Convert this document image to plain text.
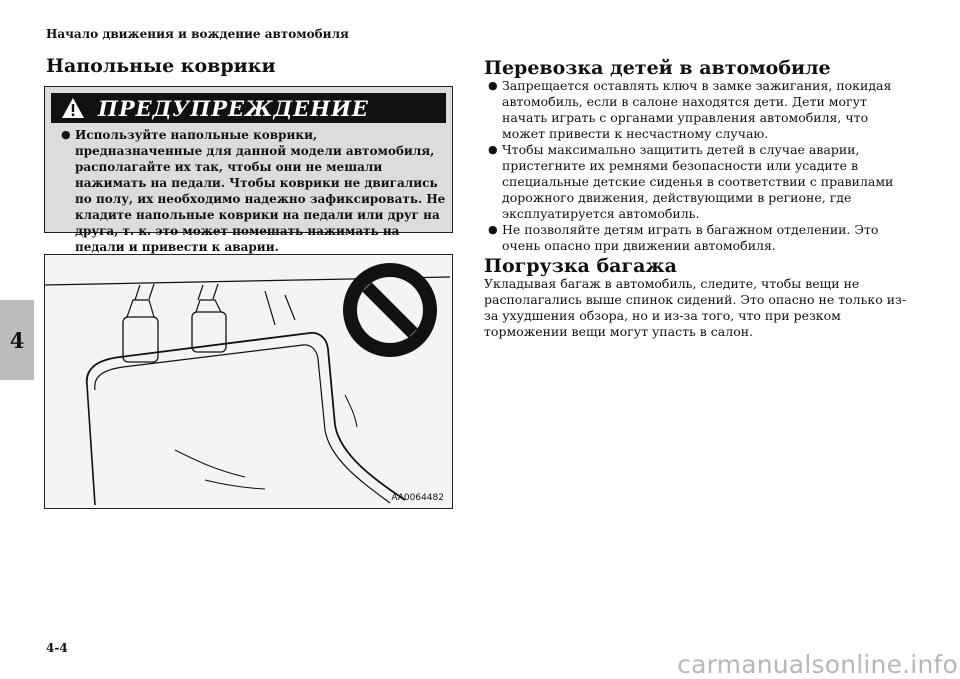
Начало движения и вождение автомобиля
4
Напольные коврики
ПРЕДУПРЕЖДЕНИЕ
● Используйте напольные коврики, предназначенные для данной модели автомобиля, располагайте их так, чтобы они не мешали нажимать на педали. Чтобы коврики не двигались по полу, их необходимо надежно зафиксировать. Не кладите напольные коврики на педали или друг на друга, т. к. это может помешать нажимать на педали и привести к аварии.
AA0064482
Перевозка детей в автомобиле
● Запрещается оставлять ключ в замке зажигания, покидая автомобиль, если в салоне находятся дети. Дети могут начать играть с органами управления автомобиля, что может привести к несчастному случаю.
● Чтобы максимально защитить детей в случае аварии, пристегните их ремнями безопасности или усадите в специальные детские сиденья в соответствии с правилами дорожного движения, действующими в регионе, где эксплуатируется автомобиль.
● Не позволяйте детям играть в багажном отделении. Это очень опасно при движении автомобиля.
Погрузка багажа
Укладывая багаж в автомобиль, следите, чтобы вещи не располагались выше спинок сидений. Это опасно не только из-за ухудшения обзора, но и из-за того, что при резком торможении вещи могут упасть в салон.
4-4
carmanualsonline.info
